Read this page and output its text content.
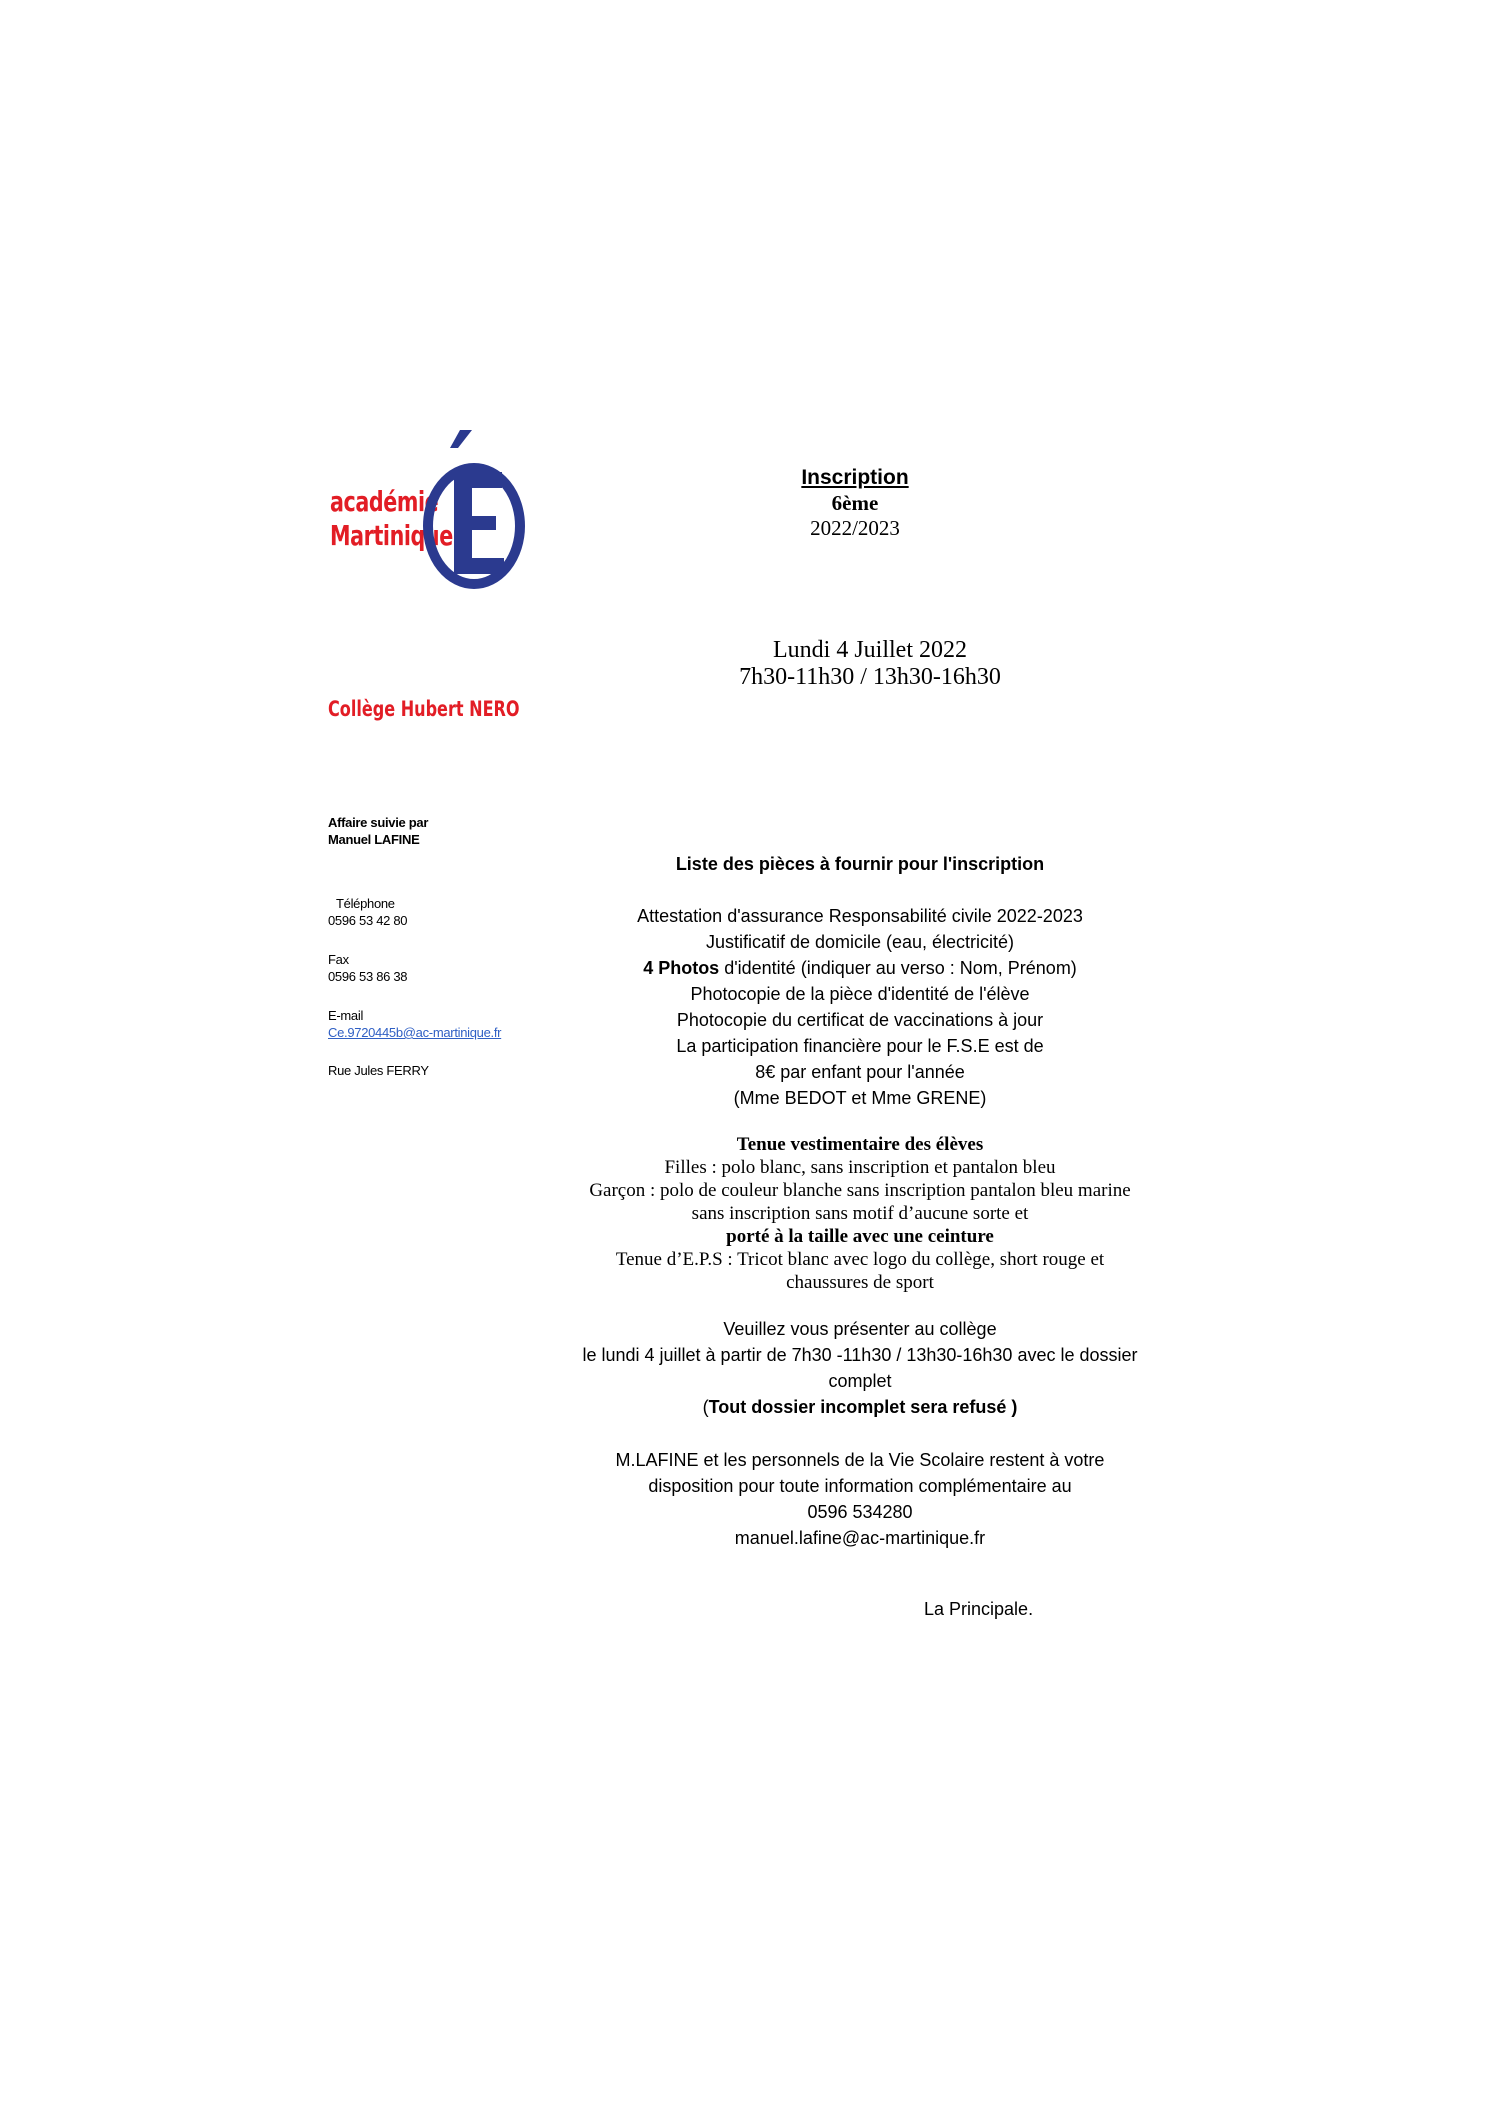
académie
Martinique
Inscription
6ème
2022/2023
Lundi 4 Juillet 2022
7h30-11h30 / 13h30-16h30
Collège Hubert NERO
Affaire suivie par
Manuel LAFINE
Téléphone
0596 53 42 80
Fax
0596 53 86 38
E-mail
Ce.9720445b@ac-martinique.fr
Rue Jules FERRY
Liste des pièces à fournir pour l'inscription

Attestation d'assurance Responsabilité civile 2022-2023

Justificatif de domicile (eau, électricité)

4 Photos d'identité (indiquer au verso : Nom, Prénom)

Photocopie de la pièce d'identité de l'élève

Photocopie du certificat de vaccinations à jour

La participation financière pour le F.S.E est de

8€ par enfant pour l'année

(Mme BEDOT et Mme GRENE)

Tenue vestimentaire des élèves

Filles : polo blanc, sans inscription et pantalon bleu

Garçon : polo de couleur blanche sans inscription pantalon bleu marine

sans inscription sans motif d’aucune sorte et

porté à la taille avec une ceinture

Tenue d’E.P.S : Tricot blanc avec logo du collège, short rouge et

chaussures de sport

Veuillez vous présenter au collège

le lundi 4 juillet à partir de 7h30 -11h30 / 13h30-16h30 avec le dossier

complet

(Tout dossier incomplet sera refusé )

M.LAFINE et les personnels de la Vie Scolaire restent à votre

disposition pour toute information complémentaire au

0596 534280

manuel.lafine@ac-martinique.fr

La Principale.
